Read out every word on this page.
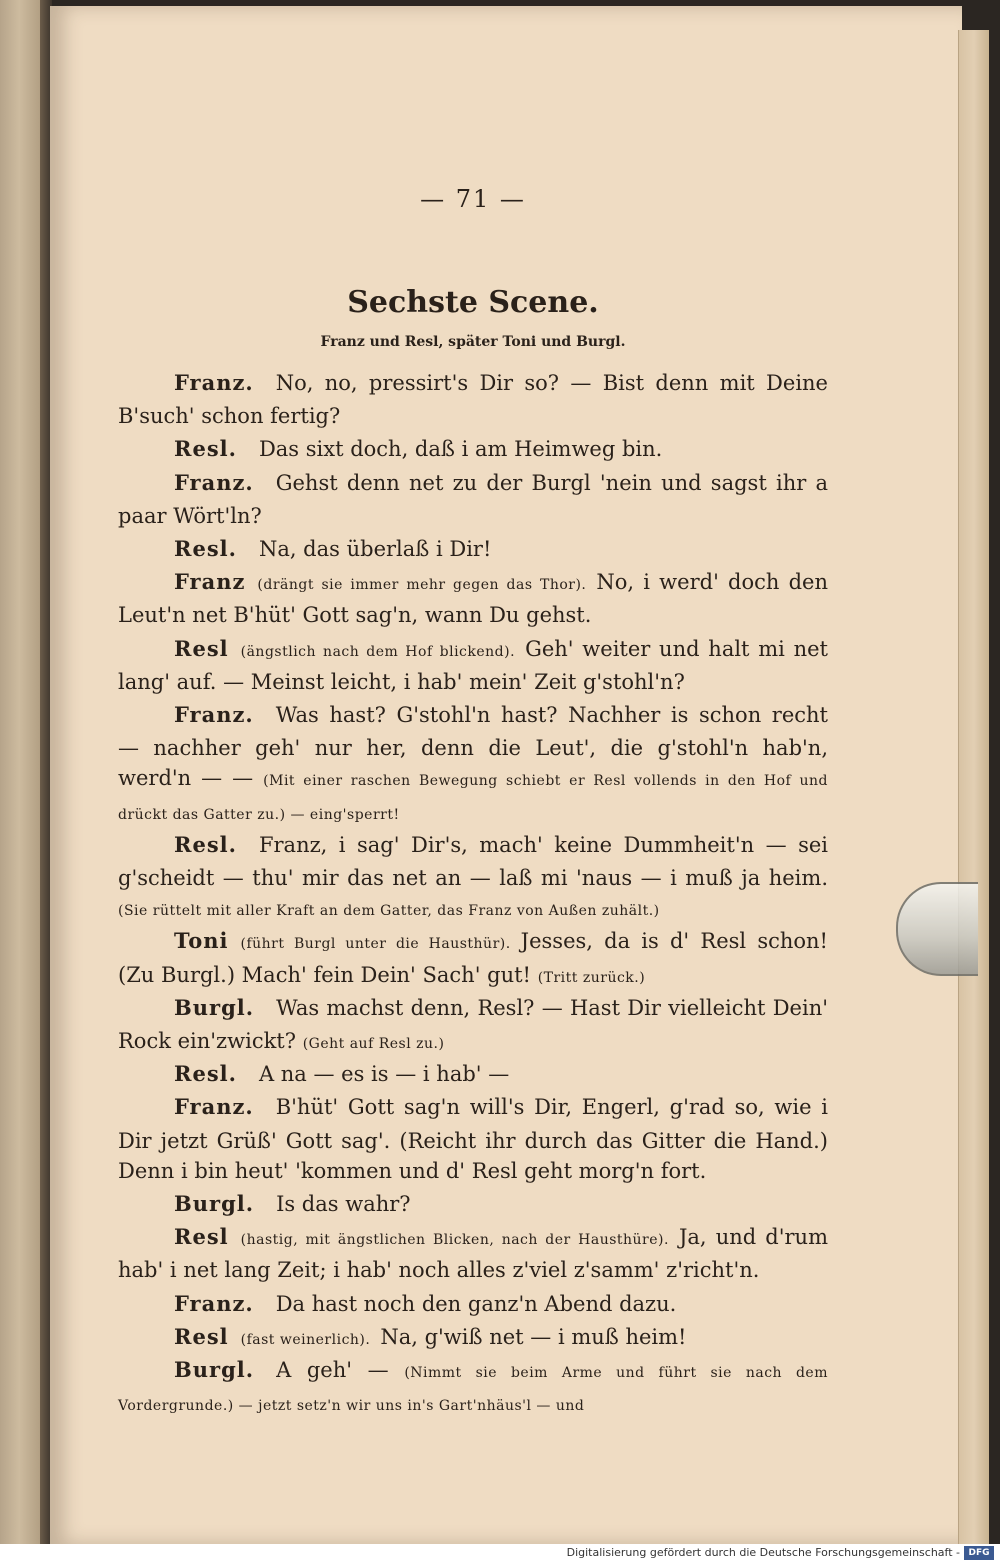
— 71 —
Sechste Scene.
Franz und Resl, später Toni und Burgl.

Franz. No, no, pressirt's Dir so? — Bist denn mit Deine B'such' schon fertig?

Resl. Das sixt doch, daß i am Heimweg bin.

Franz. Gehst denn net zu der Burgl 'nein und sagst ihr a paar Wört'ln?

Resl. Na, das überlaß i Dir!

Franz (drängt sie immer mehr gegen das Thor). No, i werd' doch den Leut'n net B'hüt' Gott sag'n, wann Du gehst.

Resl (ängstlich nach dem Hof blickend). Geh' weiter und halt mi net lang' auf. — Meinst leicht, i hab' mein' Zeit g'stohl'n?

Franz. Was hast? G'stohl'n hast? Nachher is schon recht — nachher geh' nur her, denn die Leut', die g'stohl'n hab'n, werd'n — — (Mit einer raschen Bewegung schiebt er Resl vollends in den Hof und drückt das Gatter zu.) — eing'sperrt!

Resl. Franz, i sag' Dir's, mach' keine Dummheit'n — sei g'scheidt — thu' mir das net an — laß mi 'naus — i muß ja heim. (Sie rüttelt mit aller Kraft an dem Gatter, das Franz von Außen zuhält.)

Toni (führt Burgl unter die Hausthür). Jesses, da is d' Resl schon! (Zu Burgl.) Mach' fein Dein' Sach' gut! (Tritt zurück.)

Burgl. Was machst denn, Resl? — Hast Dir vielleicht Dein' Rock ein'zwickt? (Geht auf Resl zu.)

Resl. A na — es is — i hab' —

Franz. B'hüt' Gott sag'n will's Dir, Engerl, g'rad so, wie i Dir jetzt Grüß' Gott sag'. (Reicht ihr durch das Gitter die Hand.) Denn i bin heut' 'kommen und d' Resl geht morg'n fort.

Burgl. Is das wahr?

Resl (hastig, mit ängstlichen Blicken, nach der Hausthüre). Ja, und d'rum hab' i net lang Zeit; i hab' noch alles z'viel z'samm' z'richt'n.

Franz. Da hast noch den ganz'n Abend dazu.

Resl (fast weinerlich). Na, g'wiß net — i muß heim!

Burgl. A geh' — (Nimmt sie beim Arme und führt sie nach dem Vordergrunde.) — jetzt setz'n wir uns in's Gart'nhäus'l — und

Digitalisierung gefördert durch die Deutsche Forschungsgemeinschaft - DFG
